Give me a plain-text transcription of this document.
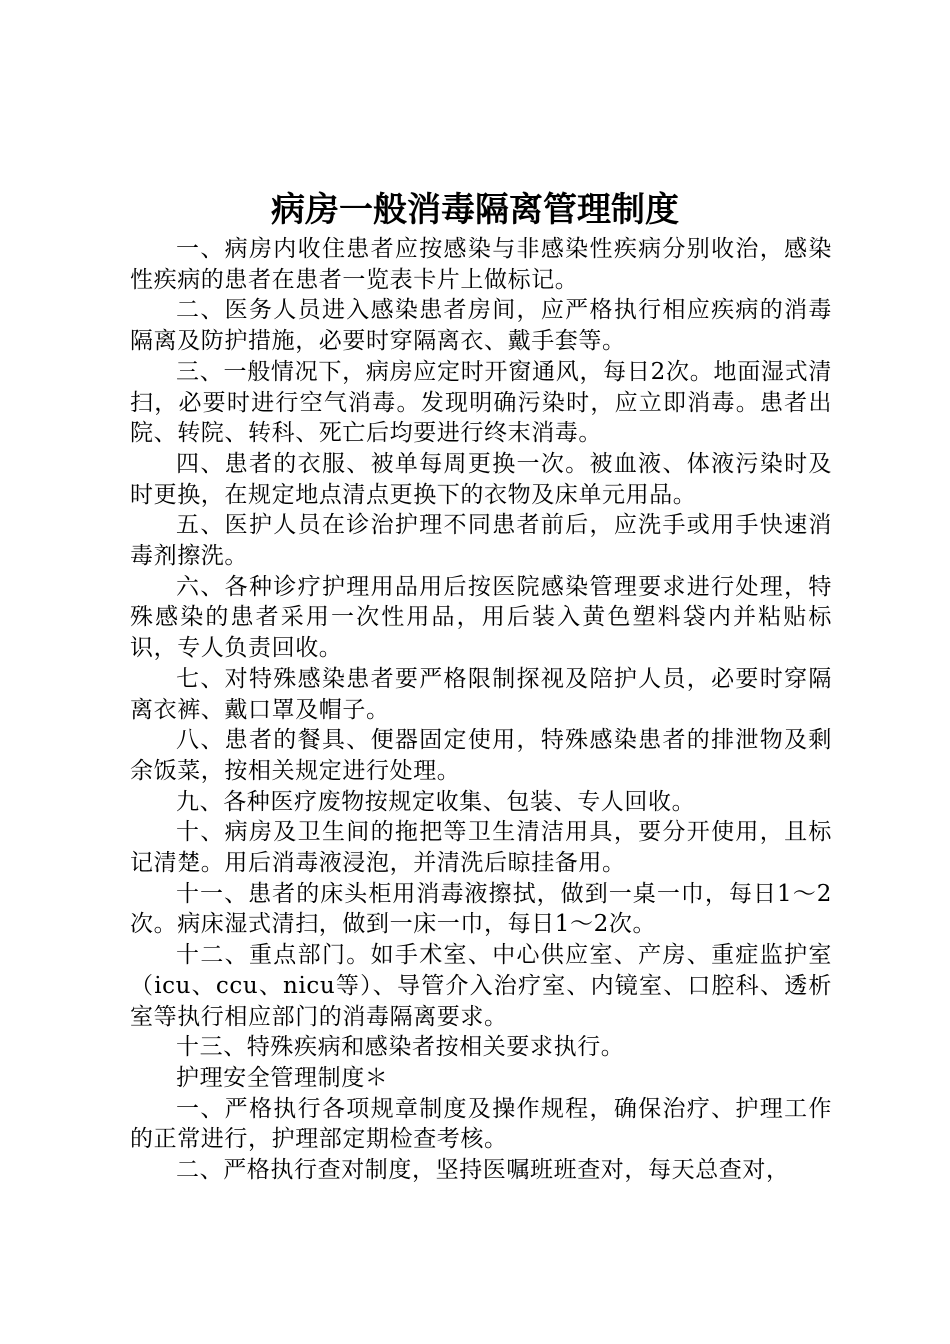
病房一般消毒隔离管理制度

一、病房内收住患者应按感染与非感染性疾病分别收治，感染性疾病的患者在患者一览表卡片上做标记。

二、医务人员进入感染患者房间，应严格执行相应疾病的消毒隔离及防护措施，必要时穿隔离衣、戴手套等。

三、一般情况下，病房应定时开窗通风，每日2次。地面湿式清扫，必要时进行空气消毒。发现明确污染时，应立即消毒。患者出院、转院、转科、死亡后均要进行终末消毒。

四、患者的衣服、被单每周更换一次。被血液、体液污染时及时更换，在规定地点清点更换下的衣物及床单元用品。

五、医护人员在诊治护理不同患者前后，应洗手或用手快速消毒剂擦洗。

六、各种诊疗护理用品用后按医院感染管理要求进行处理，特殊感染的患者采用一次性用品，用后装入黄色塑料袋内并粘贴标识，专人负责回收。

七、对特殊感染患者要严格限制探视及陪护人员，必要时穿隔离衣裤、戴口罩及帽子。

八、患者的餐具、便器固定使用，特殊感染患者的排泄物及剩余饭菜，按相关规定进行处理。

九、各种医疗废物按规定收集、包装、专人回收。

十、病房及卫生间的拖把等卫生清洁用具，要分开使用，且标记清楚。用后消毒液浸泡，并清洗后晾挂备用。

十一、患者的床头柜用消毒液擦拭，做到一桌一巾，每日1～2次。病床湿式清扫，做到一床一巾，每日1～2次。

十二、重点部门。如手术室、中心供应室、产房、重症监护室（icu、ccu、nicu等）、导管介入治疗室、内镜室、口腔科、透析室等执行相应部门的消毒隔离要求。

十三、特殊疾病和感染者按相关要求执行。

护理安全管理制度＊

一、严格执行各项规章制度及操作规程，确保治疗、护理工作的正常进行，护理部定期检查考核。

二、严格执行查对制度，坚持医嘱班班查对，每天总查对，
